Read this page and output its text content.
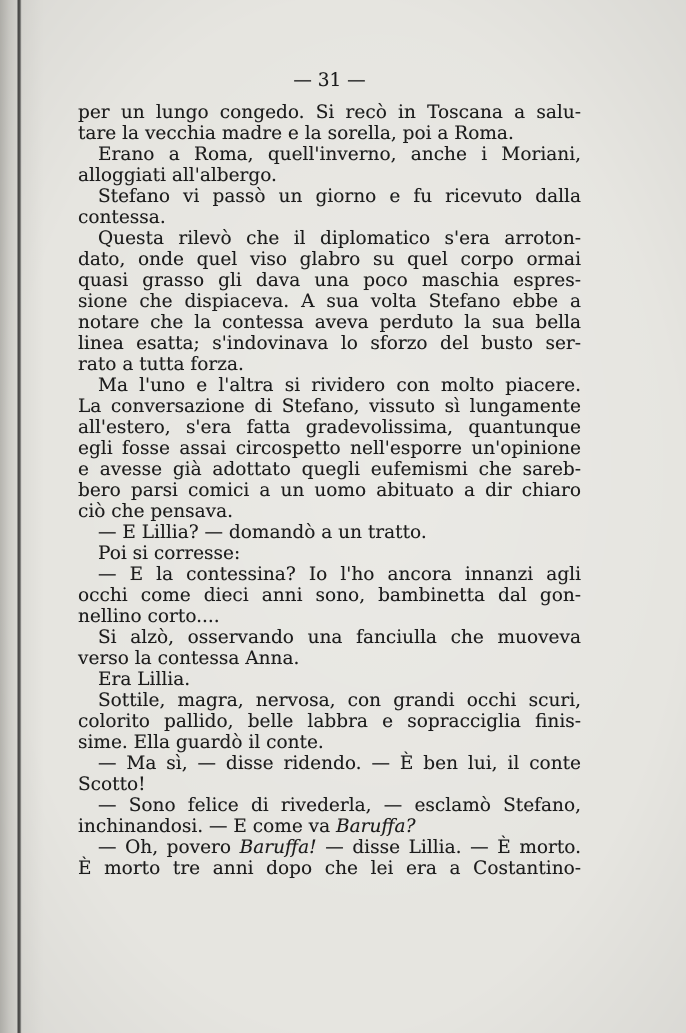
— 31 —
per un lungo congedo. Si recò in Toscana a salu-
tare la vecchia madre e la sorella, poi a Roma.
Erano a Roma, quell'inverno, anche i Moriani,
alloggiati all'albergo.
Stefano vi passò un giorno e fu ricevuto dalla
contessa.
Questa rilevò che il diplomatico s'era arroton-
dato, onde quel viso glabro su quel corpo ormai
quasi grasso gli dava una poco maschia espres-
sione che dispiaceva. A sua volta Stefano ebbe a
notare che la contessa aveva perduto la sua bella
linea esatta; s'indovinava lo sforzo del busto ser-
rato a tutta forza.
Ma l'uno e l'altra si rividero con molto piacere.
La conversazione di Stefano, vissuto sì lungamente
all'estero, s'era fatta gradevolissima, quantunque
egli fosse assai circospetto nell'esporre un'opinione
e avesse già adottato quegli eufemismi che sareb-
bero parsi comici a un uomo abituato a dir chiaro
ciò che pensava.
— E Lillia? — domandò a un tratto.
Poi si corresse:
— E la contessina? Io l'ho ancora innanzi agli
occhi come dieci anni sono, bambinetta dal gon-
nellino corto....
Si alzò, osservando una fanciulla che muoveva
verso la contessa Anna.
Era Lillia.
Sottile, magra, nervosa, con grandi occhi scuri,
colorito pallido, belle labbra e sopracciglia finis-
sime. Ella guardò il conte.
— Ma sì, — disse ridendo. — È ben lui, il conte
Scotto!
— Sono felice di rivederla, — esclamò Stefano,
inchinandosi. — E come va Baruffa?
— Oh, povero Baruffa! — disse Lillia. — È morto.
È morto tre anni dopo che lei era a Costantino-
